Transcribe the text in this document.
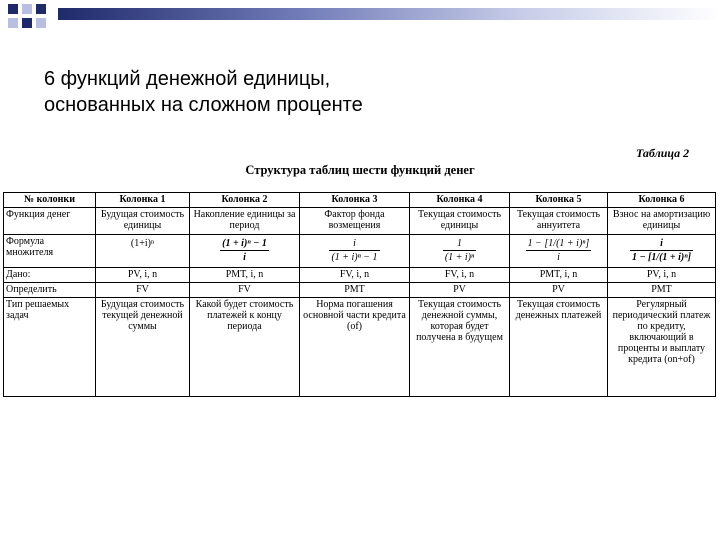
6 функций денежной единицы,
основанных на сложном проценте
Таблица 2
Структура таблиц шести функций денег
№ колонки	Колонка 1	Колонка 2	Колонка 3	Колонка 4	Колонка 5	Колонка 6
Функция денег	Будущая стоимость единицы	Накопление единицы за период	Фактор фонда возмещения	Текущая стоимость единицы	Текущая стоимость аннуитета	Взнос на амортизацию единицы
Формула множителя	(1+i)ⁿ	$\frac{\text{(1 + i)ⁿ − 1}}{i}$	$\frac{i}{\text{(1 + i)ⁿ − 1}}$	$\frac{1}{\text{(1 + i)ⁿ}}$	$\frac{\text{1 − [1/(1 + i)ⁿ]}}{i}$	$\frac{i}{\text{1 − [1/(1 + i)ⁿ]}}$

Дано:	PV, i, n	PMT, i, n	FV, i, n	FV, i, n	PMT, i, n	PV, i, n
Определить	FV	FV	PMT	PV	PV	PMT
Тип решаемых задач	Будущая стоимость текущей денежной суммы	Какой будет стоимость платежей к концу периода	Норма погашения основной части кредита (of)	Текущая стоимость денежной суммы, которая будет получена в будущем	Текущая стоимость денежных платежей	Регулярный периодический платеж по кредиту, включающий в проценты и выплату кредита (on+of)
